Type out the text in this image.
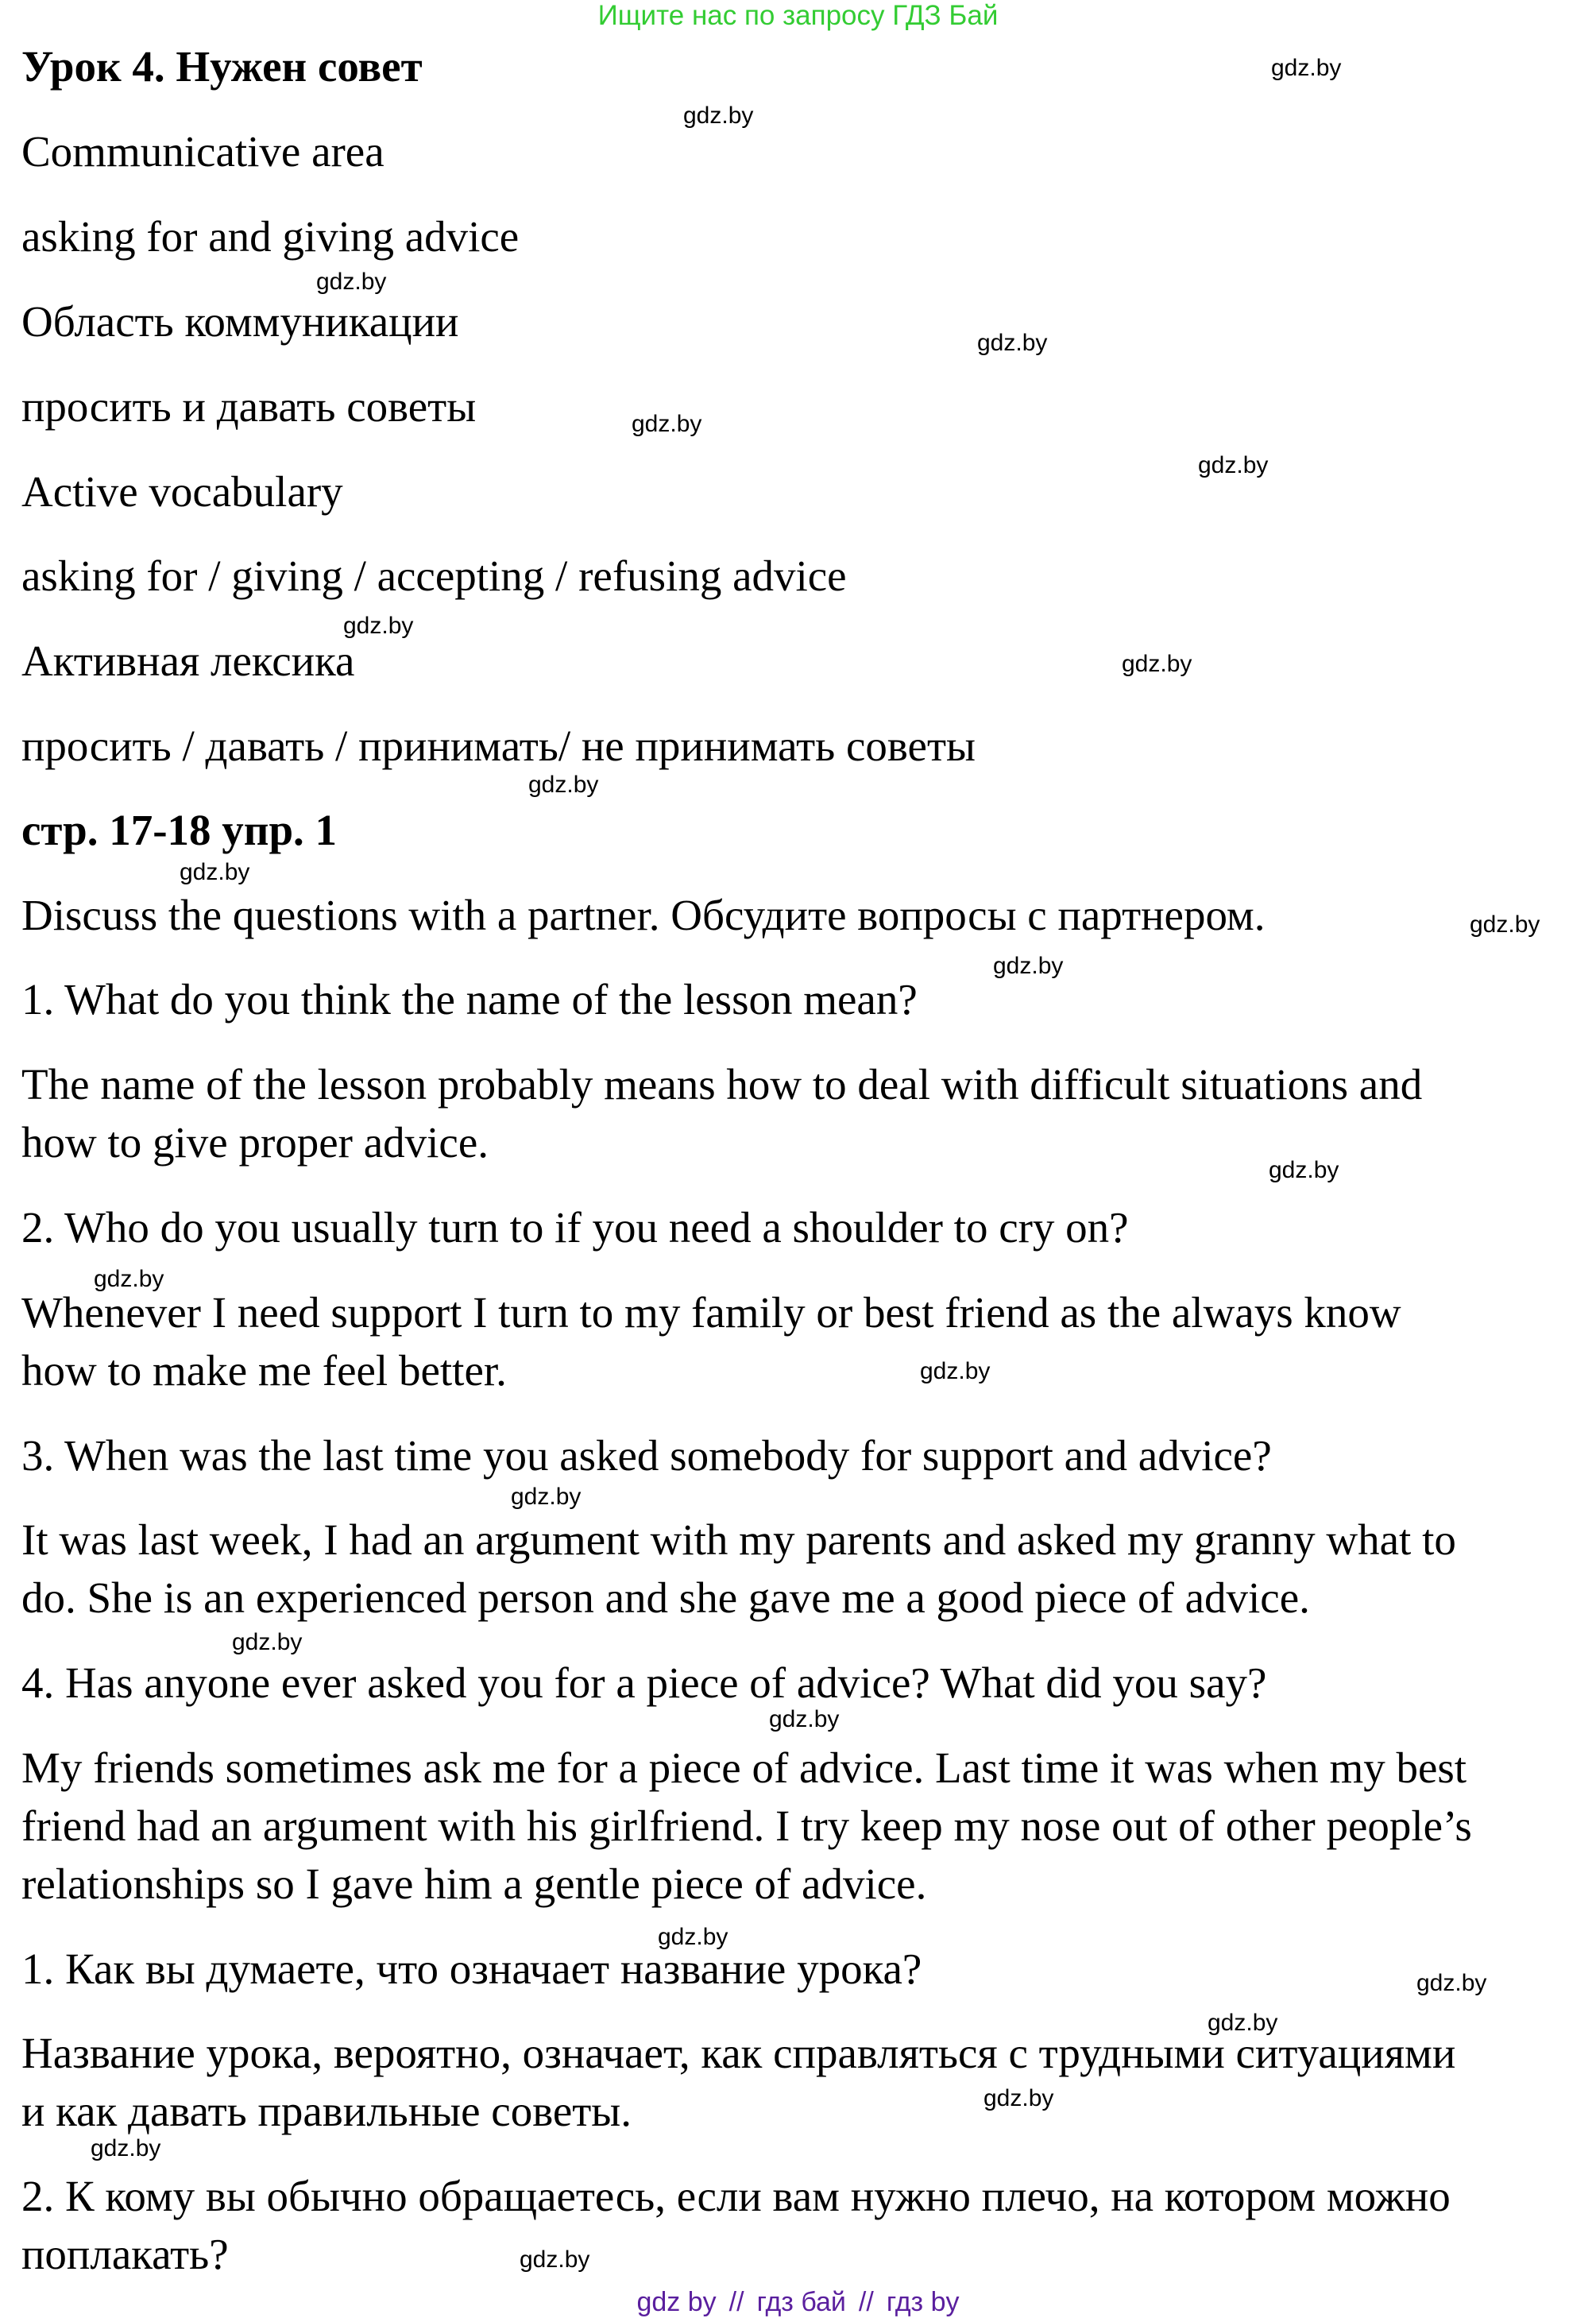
Ищите нас по запросу ГДЗ Бай
Урок 4. Нужен совет
Communicative area
asking for and giving advice
Область коммуникации
просить и давать советы
Active vocabulary
asking for / giving / accepting / refusing advice
Активная лексика
просить / давать / принимать/ не принимать советы
стр. 17-18 упр. 1
Discuss the questions with a partner. Обсудите вопросы с партнером.
1. What do you think the name of the lesson mean?
The name of the lesson probably means how to deal with difficult situations and
how to give proper advice.
2. Who do you usually turn to if you need a shoulder to cry on?
Whenever I need support I turn to my family or best friend as the always know
how to make me feel better.
3. When was the last time you asked somebody for support and advice?
It was last week, I had an argument with my parents and asked my granny what to
do. She is an experienced person and she gave me a good piece of advice.
4. Has anyone ever asked you for a piece of advice? What did you say?
My friends sometimes ask me for a piece of advice. Last time it was when my best
friend had an argument with his girlfriend. I try keep my nose out of other people’s
relationships so I gave him a gentle piece of advice.
1. Как вы думаете, что означает название урока?
Название урока, вероятно, означает, как справляться с трудными ситуациями
и как давать правильные советы.
2. К кому вы обычно обращаетесь, если вам нужно плечо, на котором можно
поплакать?
gdz.by
gdz.by
gdz.by
gdz.by
gdz.by
gdz.by
gdz.by
gdz.by
gdz.by
gdz.by
gdz.by
gdz.by
gdz.by
gdz.by
gdz.by
gdz.by
gdz.by
gdz.by
gdz.by
gdz.by
gdz.by
gdz.by
gdz.by
gdz.by
gdz by // гдз бай // гдз by
